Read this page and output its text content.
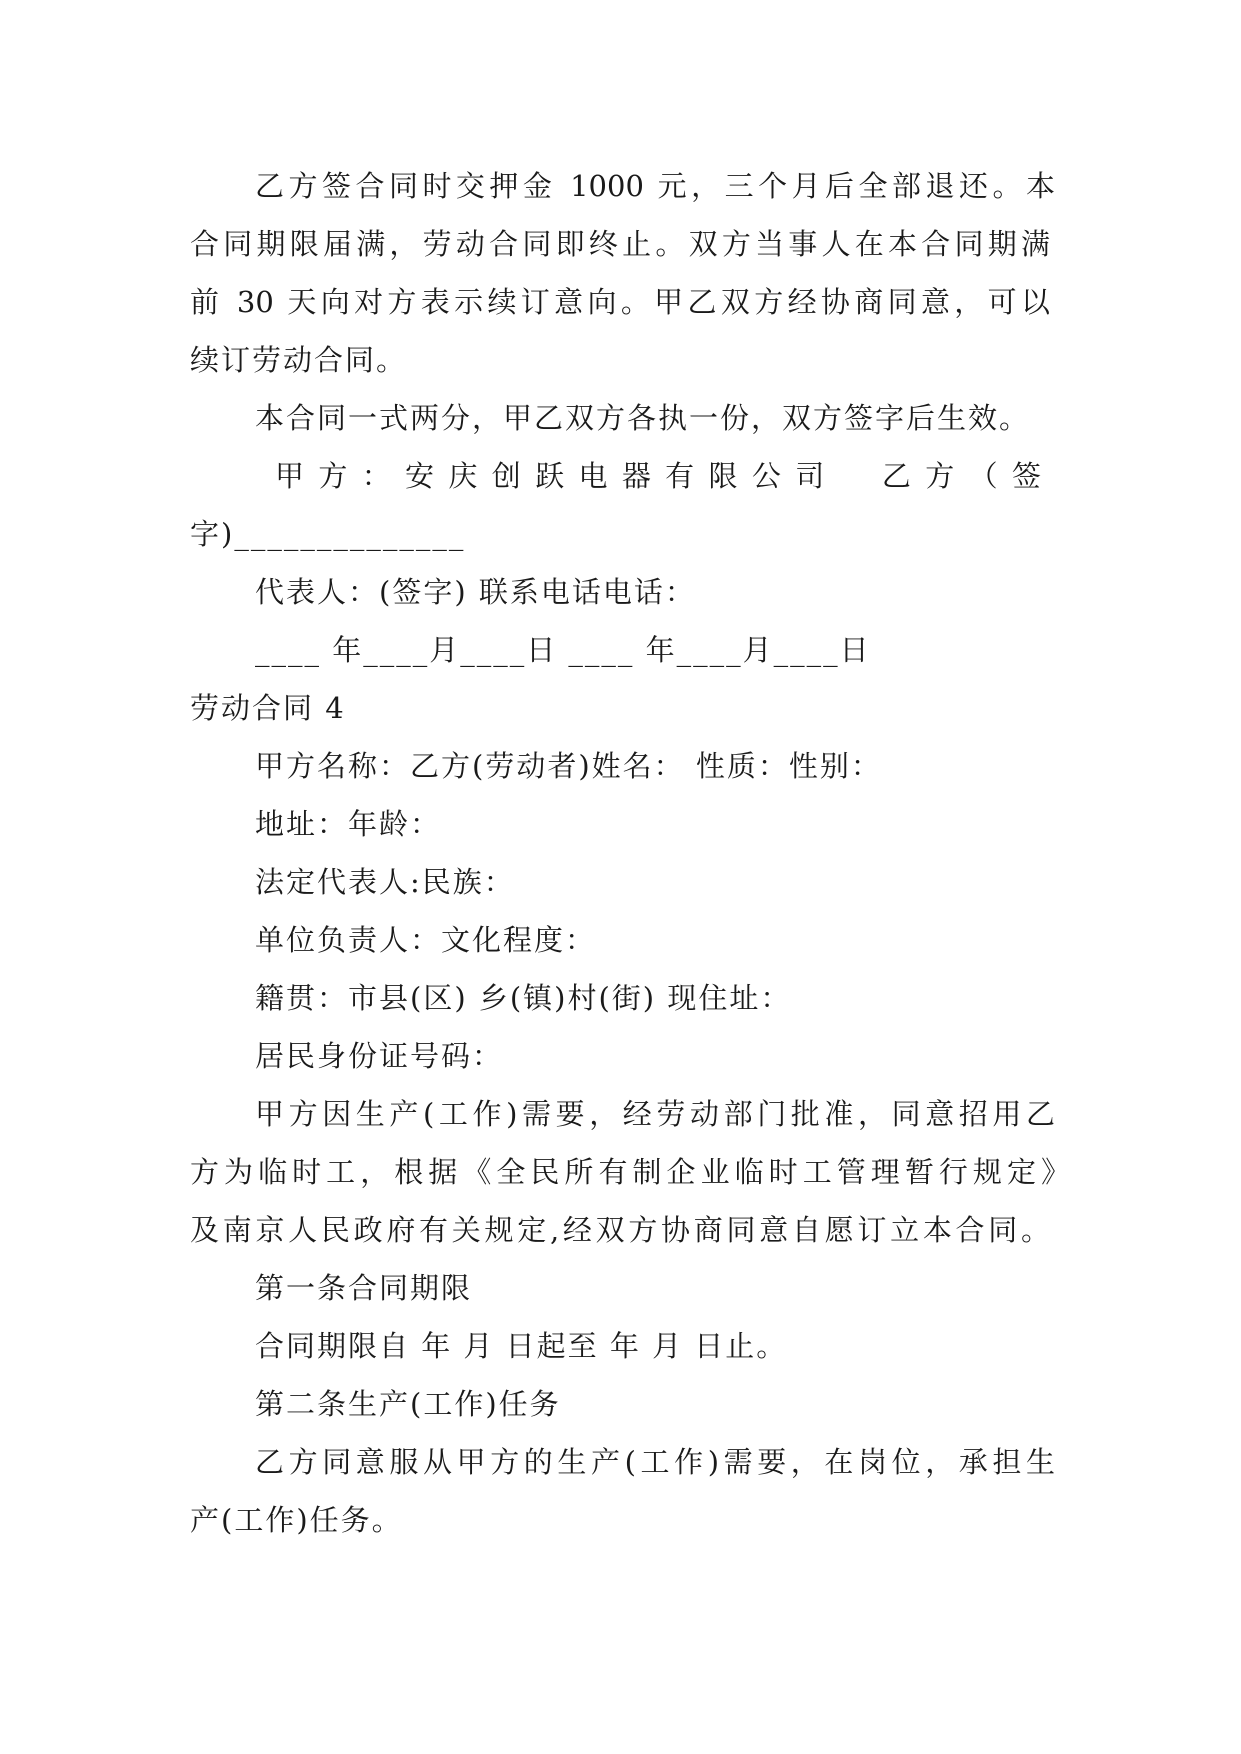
乙方签合同时交押金 1000 元，三个月后全部退还。本
合同期限届满，劳动合同即终止。双方当事人在本合同期满
前 30 天向对方表示续订意向。甲乙双方经协商同意，可以
续订劳动合同。
本合同一式两分，甲乙双方各执一份，双方签字后生效。
甲方：安庆创跃电器有限公司　乙方（签
字)______________
代表人：(签字) 联系电话电话：
____ 年____月____日 ____ 年____月____日
劳动合同 4
甲方名称：乙方(劳动者)姓名： 性质：性别：
地址：年龄：
法定代表人:民族：
单位负责人：文化程度：
籍贯：市县(区) 乡(镇)村(街) 现住址：
居民身份证号码：
甲方因生产(工作)需要，经劳动部门批准，同意招用乙
方为临时工，根据《全民所有制企业临时工管理暂行规定》
及南京人民政府有关规定,经双方协商同意自愿订立本合同。
第一条合同期限
合同期限自 年 月 日起至 年 月 日止。
第二条生产(工作)任务
乙方同意服从甲方的生产(工作)需要，在岗位，承担生
产(工作)任务。
